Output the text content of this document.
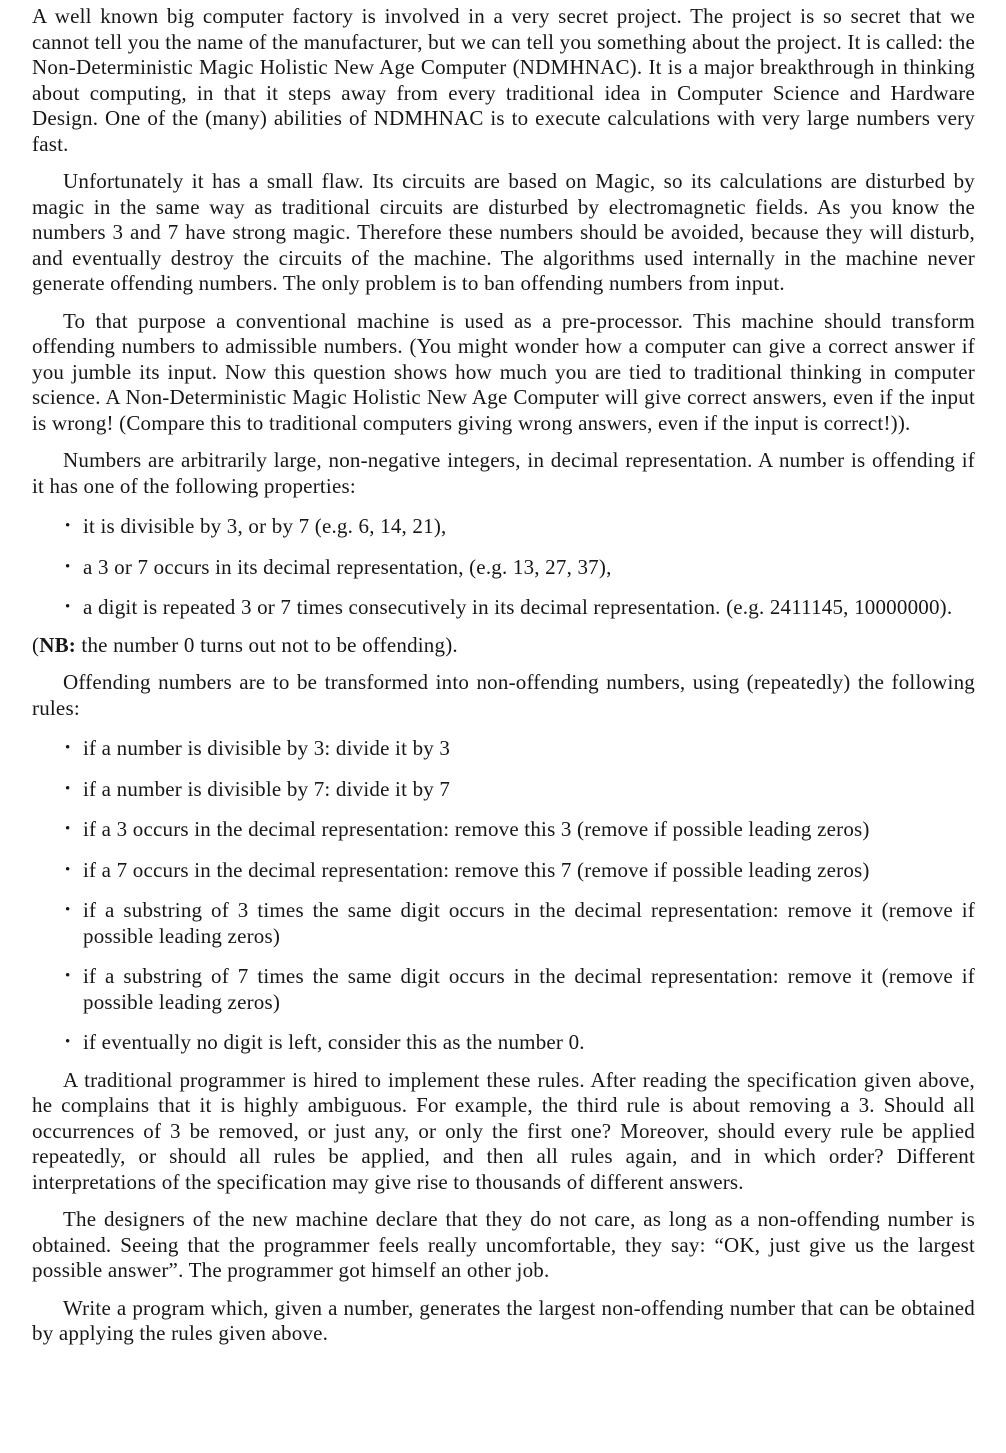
A well known big computer factory is involved in a very secret project. The project is so secret that we cannot tell you the name of the manufacturer, but we can tell you something about the project. It is called: the Non-Deterministic Magic Holistic New Age Computer (NDMHNAC). It is a major breakthrough in thinking about computing, in that it steps away from every traditional idea in Computer Science and Hardware Design. One of the (many) abilities of NDMHNAC is to execute calculations with very large numbers very fast.

Unfortunately it has a small flaw. Its circuits are based on Magic, so its calculations are disturbed by magic in the same way as traditional circuits are disturbed by electromagnetic fields. As you know the numbers 3 and 7 have strong magic. Therefore these numbers should be avoided, because they will disturb, and eventually destroy the circuits of the machine. The algorithms used internally in the machine never generate offending numbers. The only problem is to ban offending numbers from input.

To that purpose a conventional machine is used as a pre-processor. This machine should transform offending numbers to admissible numbers. (You might wonder how a computer can give a correct answer if you jumble its input. Now this question shows how much you are tied to traditional thinking in computer science. A Non-Deterministic Magic Holistic New Age Computer will give correct answers, even if the input is wrong! (Compare this to traditional computers giving wrong answers, even if the input is correct!)).

Numbers are arbitrarily large, non-negative integers, in decimal representation. A number is offending if it has one of the following properties:

• it is divisible by 3, or by 7 (e.g. 6, 14, 21),
• a 3 or 7 occurs in its decimal representation, (e.g. 13, 27, 37),
• a digit is repeated 3 or 7 times consecutively in its decimal representation. (e.g. 2411145, 10000000).

(NB: the number 0 turns out not to be offending).

Offending numbers are to be transformed into non-offending numbers, using (repeatedly) the following rules:

• if a number is divisible by 3: divide it by 3
• if a number is divisible by 7: divide it by 7
• if a 3 occurs in the decimal representation: remove this 3 (remove if possible leading zeros)
• if a 7 occurs in the decimal representation: remove this 7 (remove if possible leading zeros)
• if a substring of 3 times the same digit occurs in the decimal representation: remove it (remove if possible leading zeros)
• if a substring of 7 times the same digit occurs in the decimal representation: remove it (remove if possible leading zeros)
• if eventually no digit is left, consider this as the number 0.

A traditional programmer is hired to implement these rules. After reading the specification given above, he complains that it is highly ambiguous. For example, the third rule is about removing a 3. Should all occurrences of 3 be removed, or just any, or only the first one? Moreover, should every rule be applied repeatedly, or should all rules be applied, and then all rules again, and in which order? Different interpretations of the specification may give rise to thousands of different answers.

The designers of the new machine declare that they do not care, as long as a non-offending number is obtained. Seeing that the programmer feels really uncomfortable, they say: “OK, just give us the largest possible answer”. The programmer got himself an other job.

Write a program which, given a number, generates the largest non-offending number that can be obtained by applying the rules given above.
